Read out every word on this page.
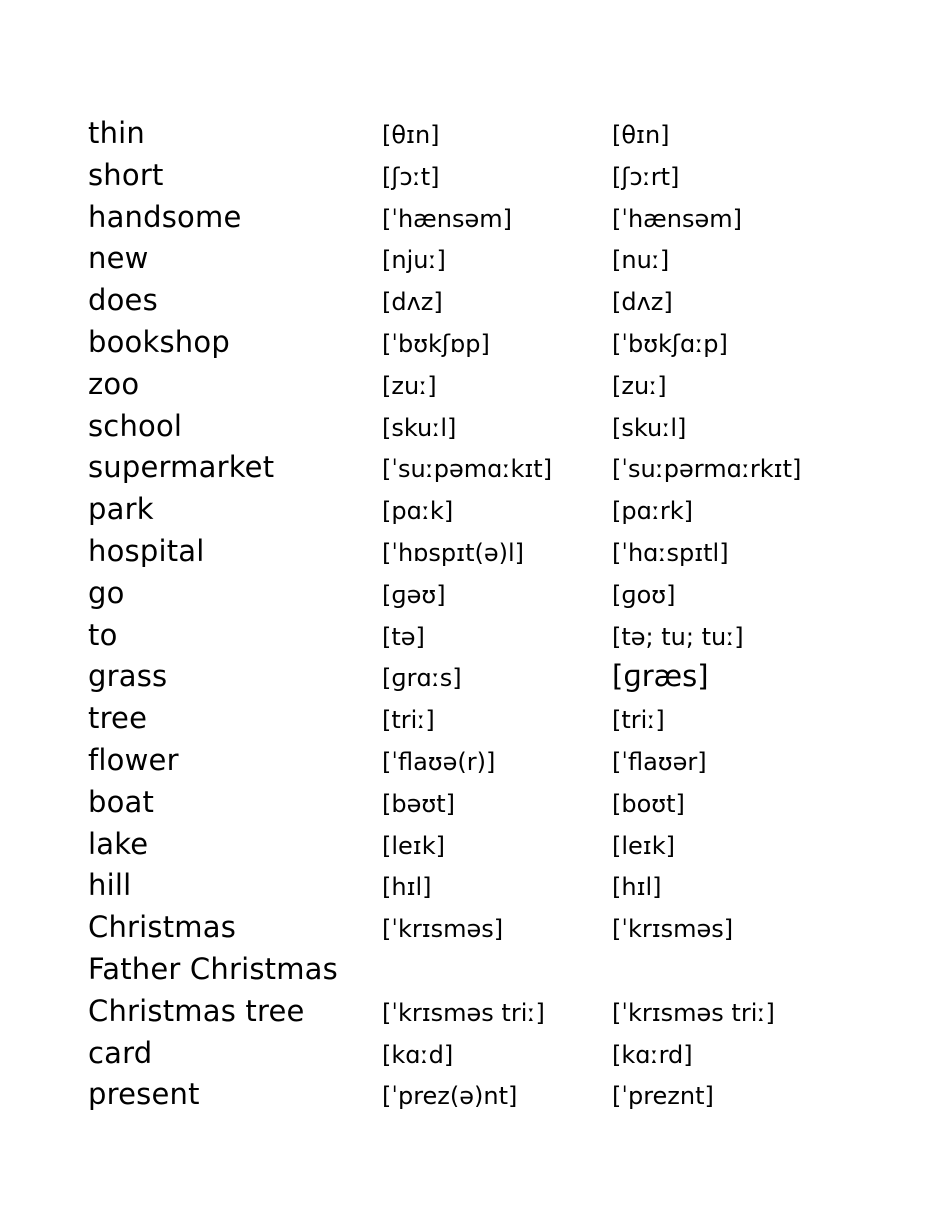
thin	[θɪn]	[θɪn]
short	[ʃɔːt]	[ʃɔːrt]
handsome	[ˈhænsəm]	[ˈhænsəm]
new	[njuː]	[nuː]
does	[dʌz]	[dʌz]
bookshop	[ˈbʊkʃɒp]	[ˈbʊkʃɑːp]
zoo	[zuː]	[zuː]
school	[skuːl]	[skuːl]
supermarket	[ˈsuːpəmɑːkɪt] [ˈsuːpərmɑːrkɪt]
park	[pɑːk]	[pɑːrk]
hospital	[ˈhɒspɪt(ə)l]	[ˈhɑːspɪtl]
go	[ɡəʊ]	[ɡoʊ]
to	[tə]	[tə; tu; tuː]
grass	[ɡrɑːs]	[ɡræs]
tree	[triː]	[triː]
flower	[ˈflaʊə(r)]	[ˈflaʊər]
boat	[bəʊt]	[boʊt]
lake	[leɪk]	[leɪk]
hill	[hɪl]	[hɪl]
Christmas	[ˈkrɪsməs]	[ˈkrɪsməs]
Father Christmas
Christmas tree	[ˈkrɪsməs triː]	[ˈkrɪsməs triː]
card	[kɑːd]	[kɑːrd]
present	[ˈprez(ə)nt]	[ˈpreznt]
